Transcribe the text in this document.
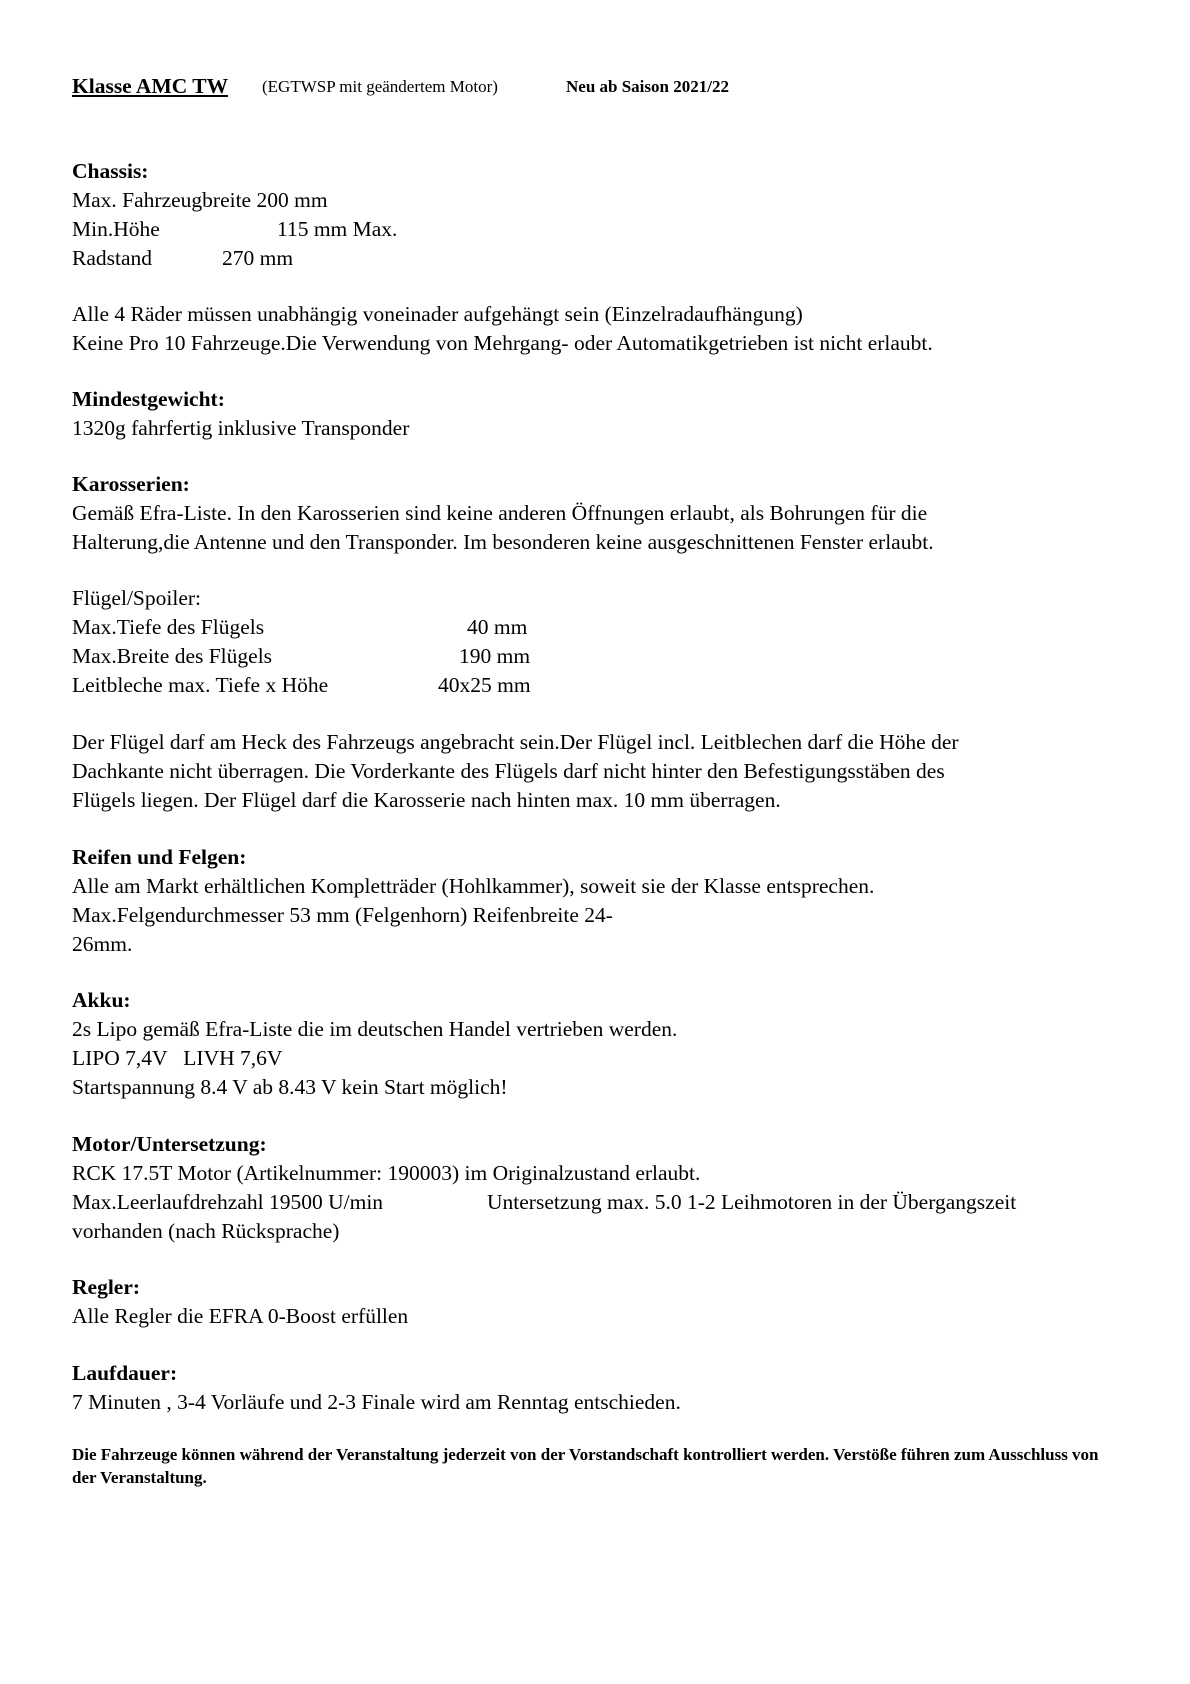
Klasse AMC TW (EGTWSP mit geändertem Motor)	Neu ab Saison 2021/22
Chassis:
Max. Fahrzeugbreite 200 mm
Min.Höhe	115 mm Max.
Radstand	270 mm
Alle 4 Räder müssen unabhängig voneinader aufgehängt sein (Einzelradaufhängung)
Keine Pro 10 Fahrzeuge.Die Verwendung von Mehrgang- oder Automatikgetrieben ist nicht erlaubt.
Mindestgewicht:
1320g fahrfertig inklusive Transponder
Karosserien:
Gemäß Efra-Liste. In den Karosserien sind keine anderen Öffnungen erlaubt, als Bohrungen für die
Halterung,die Antenne und den Transponder. Im besonderen keine ausgeschnittenen Fenster erlaubt.
Flügel/Spoiler:
Max.Tiefe des Flügels	40 mm
Max.Breite des Flügels	190 mm
Leitbleche max. Tiefe x Höhe	40x25 mm
Der Flügel darf am Heck des Fahrzeugs angebracht sein.Der Flügel incl. Leitblechen darf die Höhe der
Dachkante nicht überragen. Die Vorderkante des Flügels darf nicht hinter den Befestigungsstäben des
Flügels liegen. Der Flügel darf die Karosserie nach hinten max. 10 mm überragen.
Reifen und Felgen:
Alle am Markt erhältlichen Kompletträder (Hohlkammer), soweit sie der Klasse entsprechen.
Max.Felgendurchmesser 53 mm (Felgenhorn) Reifenbreite 24-
26mm.
Akku:
2s Lipo gemäß Efra-Liste die im deutschen Handel vertrieben werden.
LIPO 7,4V   LIVH 7,6V
Startspannung 8.4 V ab 8.43 V kein Start möglich!
Motor/Untersetzung:
RCK 17.5T Motor (Artikelnummer: 190003) im Originalzustand erlaubt.
Max.Leerlaufdrehzahl 19500 U/min	Untersetzung max. 5.0 1-2 Leihmotoren in der Übergangszeit
vorhanden (nach Rücksprache)
Regler:
Alle Regler die EFRA 0-Boost erfüllen
Laufdauer:
7 Minuten , 3-4 Vorläufe und 2-3 Finale wird am Renntag entschieden.
Die Fahrzeuge können während der Veranstaltung jederzeit von der Vorstandschaft kontrolliert werden. Verstöße führen zum Ausschluss von der Veranstaltung.
